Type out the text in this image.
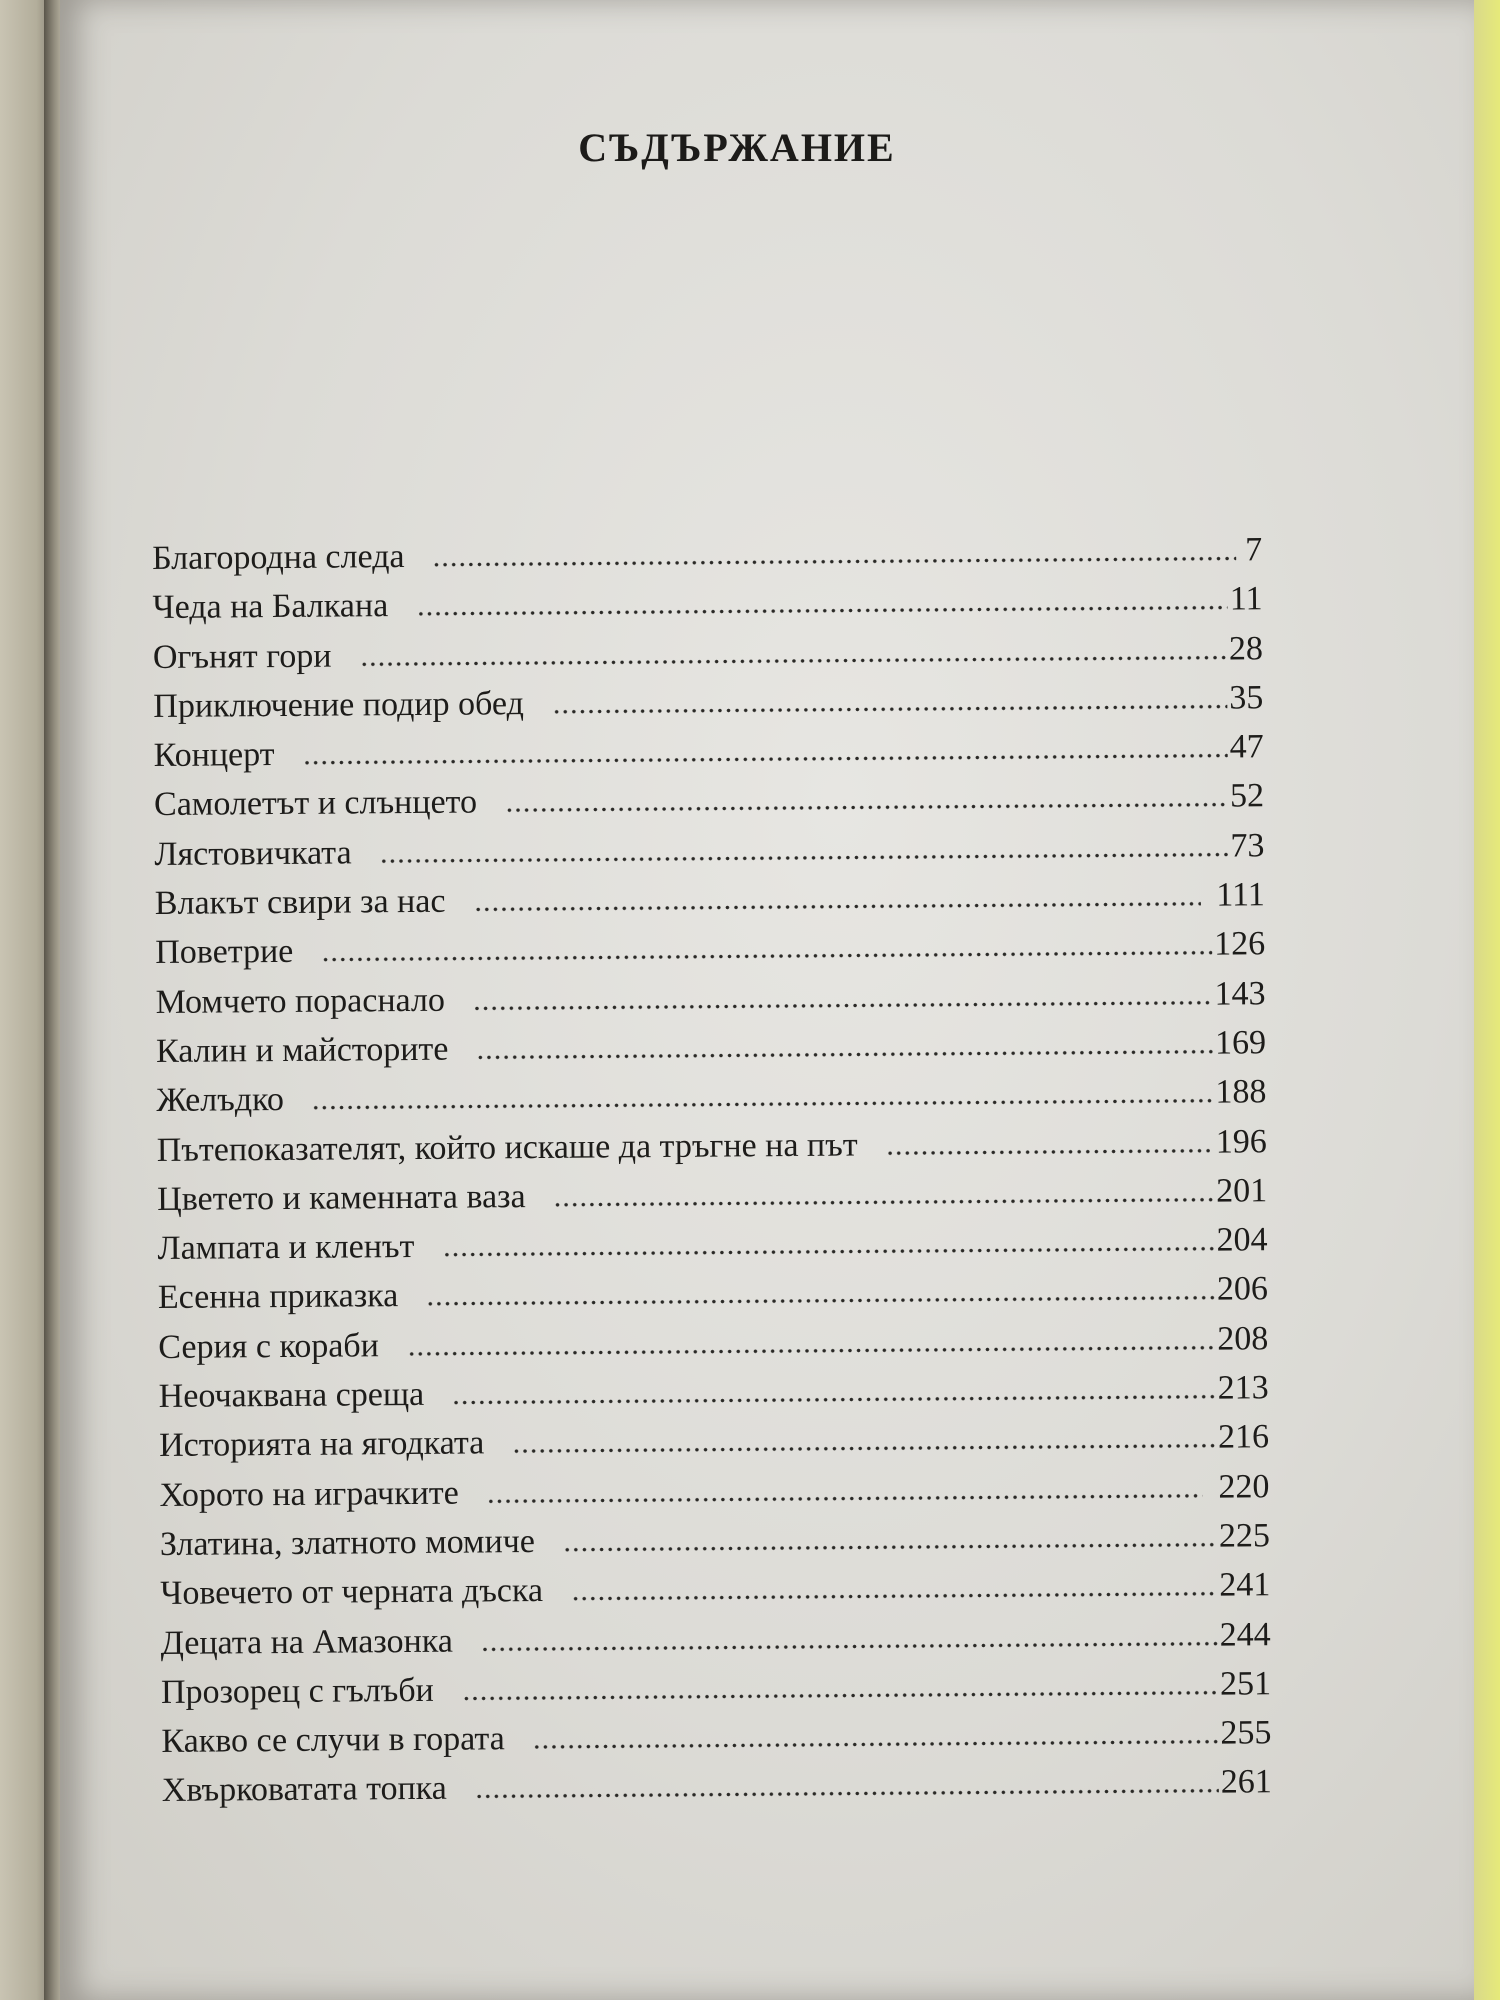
СЪДЪРЖАНИЕ
Благородна следа	7
Чеда на Балкана	11
Огънят гори	28
Приключение подир обед	35
Концерт	47
Самолетът и слънцето	52
Лястовичката	73
Влакът свири за нас	111
Поветрие	126
Момчето пораснало	143
Калин и майсторите	169
Желъдко	188
Пътепоказателят, който искаше да тръгне на път	196
Цветето и каменната ваза	201
Лампата и кленът	204
Есенна приказка	206
Серия с кораби	208
Неочаквана среща	213
Историята на ягодката	216
Хорото на играчките	220
Златина, златното момиче	225
Човечето от черната дъска	241
Децата на Амазонка	244
Прозорец с гълъби	251
Какво се случи в гората	255
Хвърковатата топка	261
